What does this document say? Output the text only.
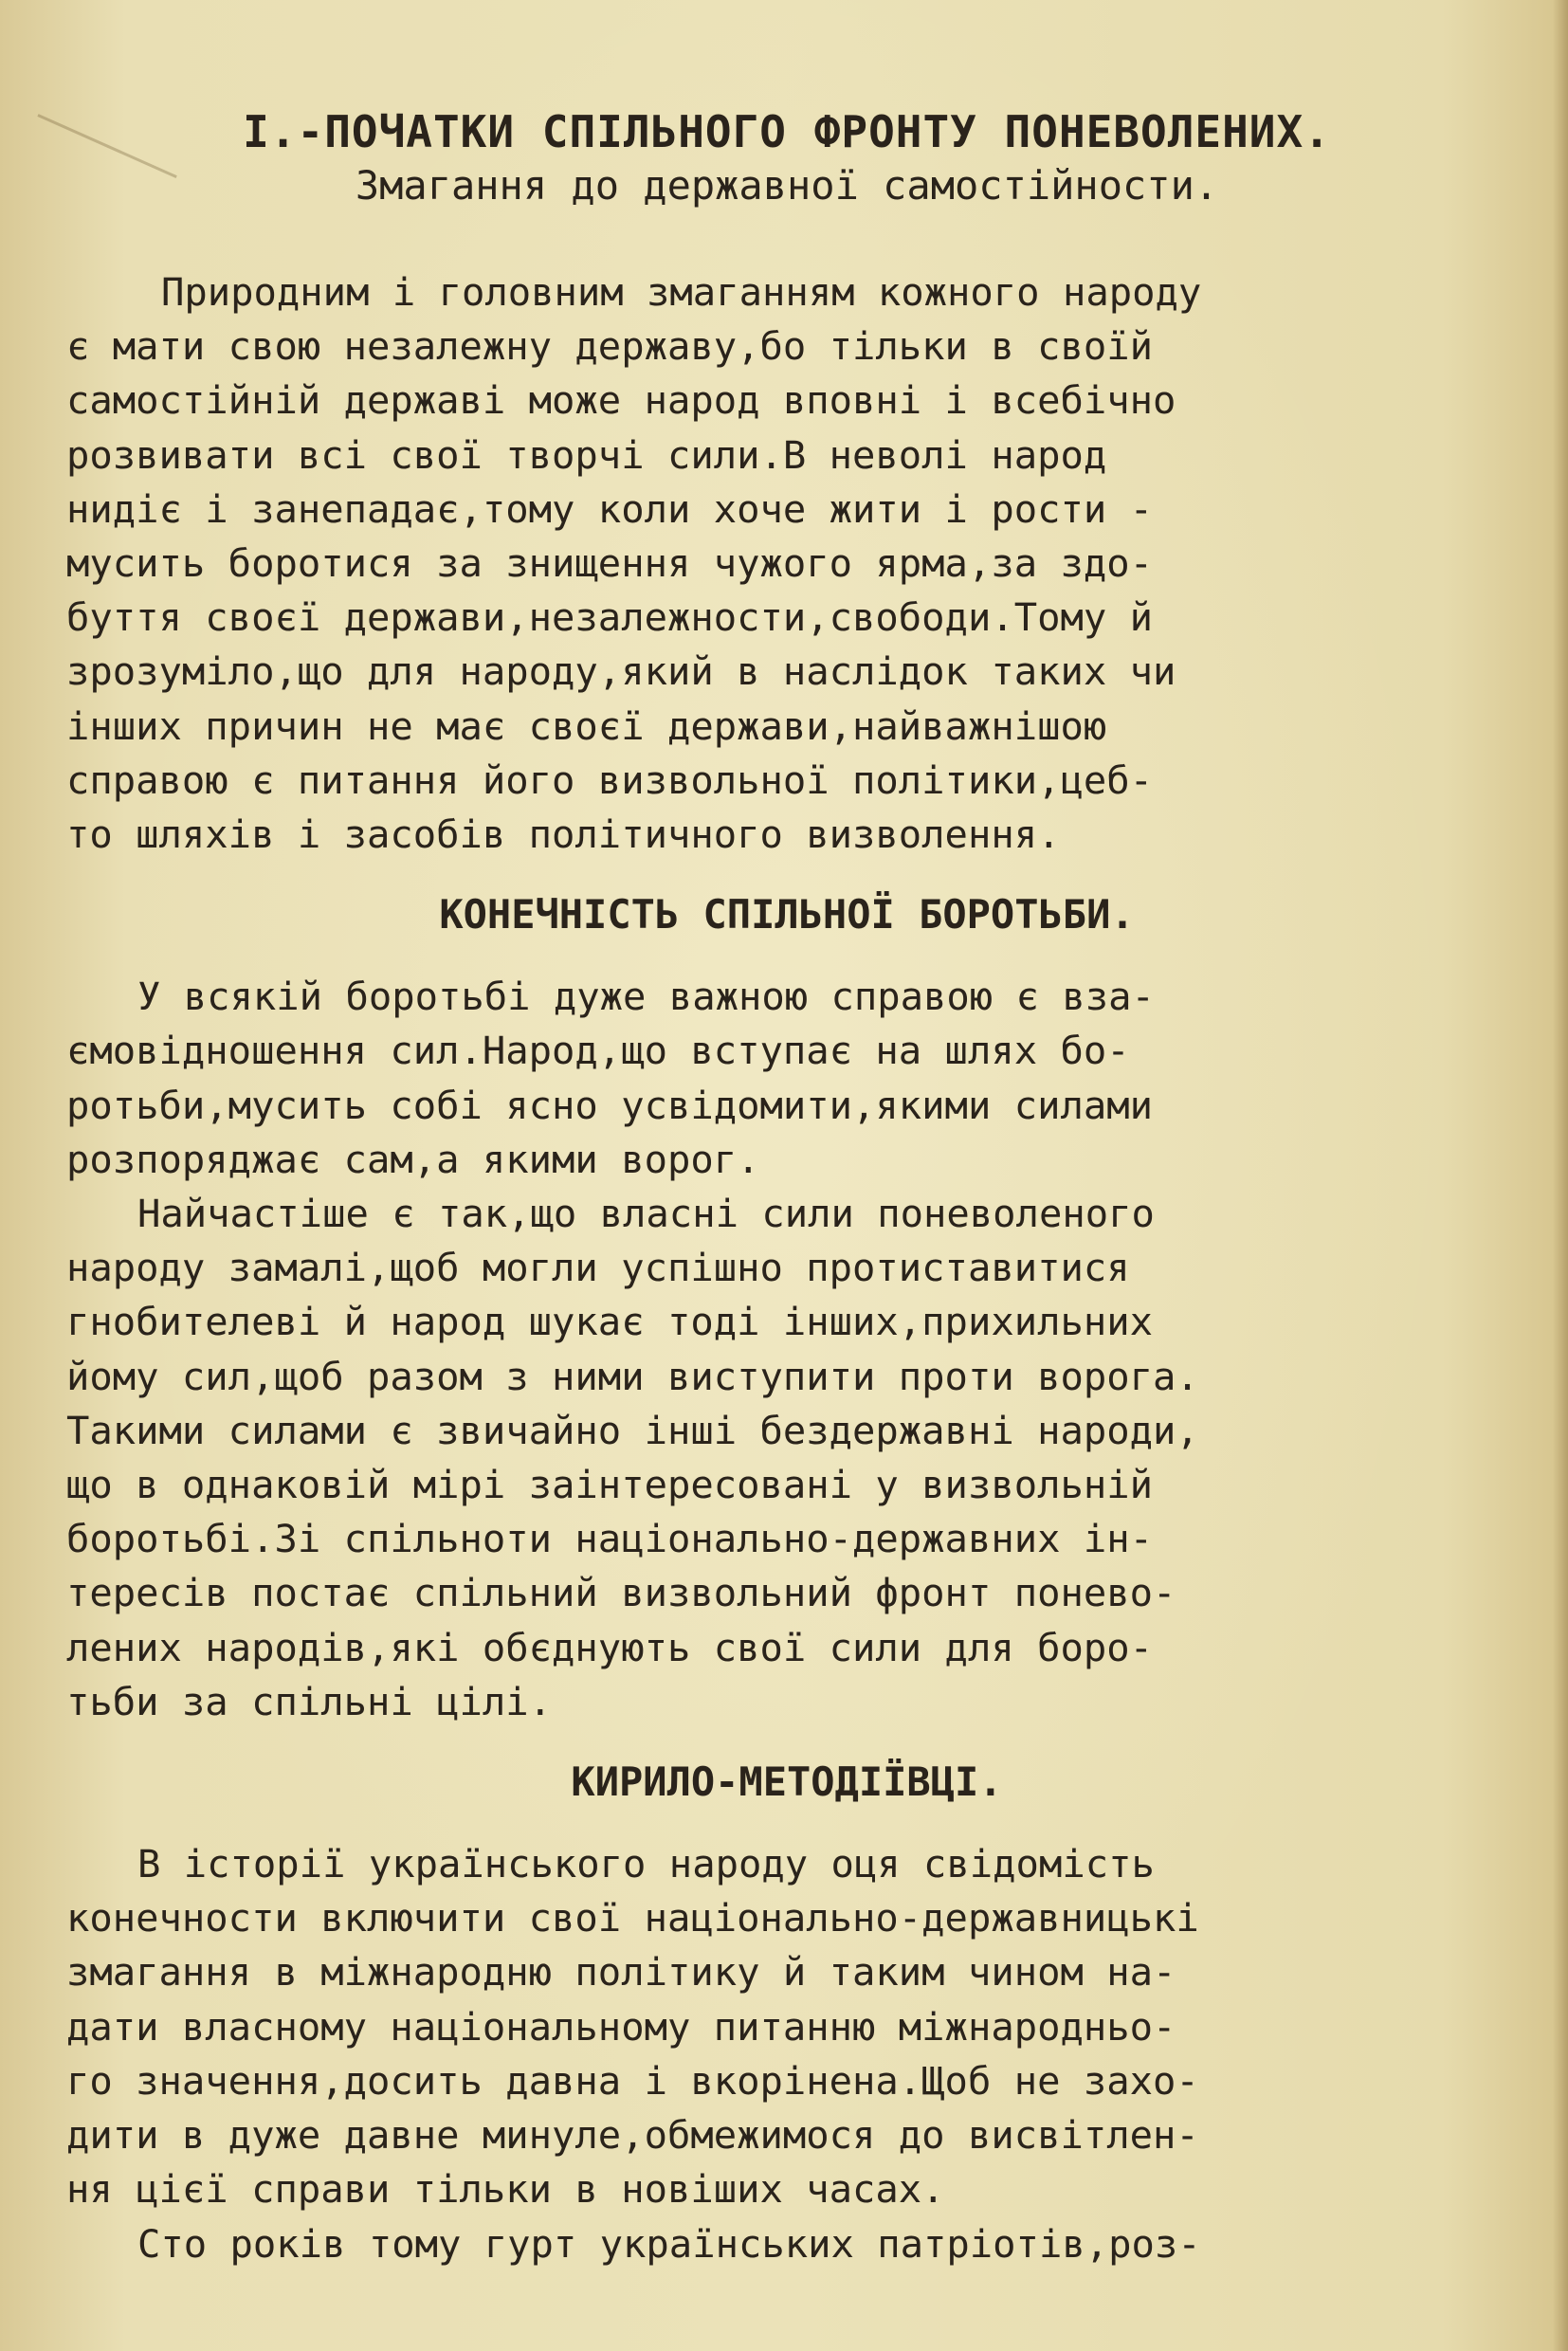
I.-ПОЧАТКИ СПІЛЬНОГО ФРОНТУ ПОНЕВОЛЕНИХ.
Змагання до державної самостійности.
Природним і головним змаганням кожного народу
є мати свою незалежну державу,бо тільки в своїй
самостійній державі може народ вповні і всебічно
розвивати всі свої творчі сили.В неволі народ
нидіє і занепадає,тому коли хоче жити і рости -
мусить боротися за знищення чужого ярма,за здо-
буття своєї держави,незалежности,свободи.Тому й
зрозуміло,що для народу,який в наслідок таких чи
інших причин не має своєї держави,найважнішою
справою є питання його визвольної політики,цеб-
то шляхів і засобів політичного визволення.
КОНЕЧНІСТЬ СПІЛЬНОЇ БОРОТЬБИ.
У всякій боротьбі дуже важною справою є вза-
ємовідношення сил.Народ,що вступає на шлях бо-
ротьби,мусить собі ясно усвідомити,якими силами
розпоряджає сам,а якими ворог.
Найчастіше є так,що власні сили поневоленого
народу замалі,щоб могли успішно протиставитися
гнобителеві й народ шукає тоді інших,прихильних
йому сил,щоб разом з ними виступити проти ворога.
Такими силами є звичайно інші бездержавні народи,
що в однаковій мірі заінтересовані у визвольній
боротьбі.Зі спільноти національно-державних ін-
тересів постає спільний визвольний фронт понево-
лених народів,які обєднують свої сили для боро-
тьби за спільні цілі.
КИРИЛО-МЕТОДІЇВЦІ.
В історії українського народу оця свідомість
конечности включити свої національно-державницькі
змагання в міжнародню політику й таким чином на-
дати власному національному питанню міжнародньо-
го значення,досить давна і вкорінена.Щоб не захо-
дити в дуже давне минуле,обмежимося до висвітлен-
ня цієї справи тільки в новіших часах.
Сто років тому гурт українських патріотів,роз-
